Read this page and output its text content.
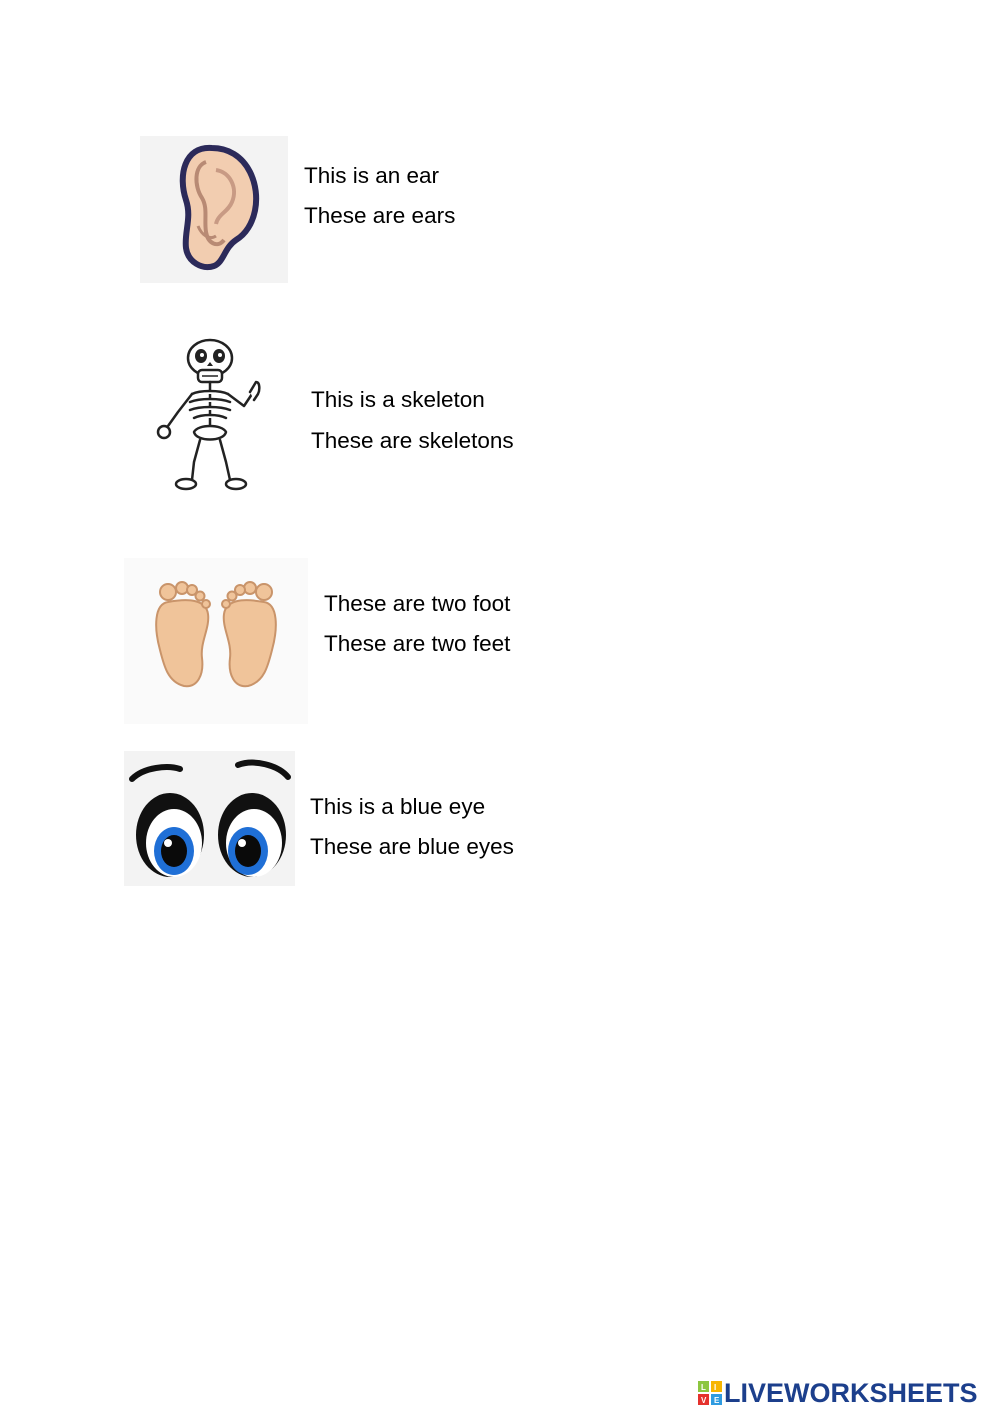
This is an ear
These are ears
This is a skeleton
These are skeletons
These are two foot
These are two feet
This is a blue eye
These are blue eyes
L I
V E LIVEWORKSHEETS
